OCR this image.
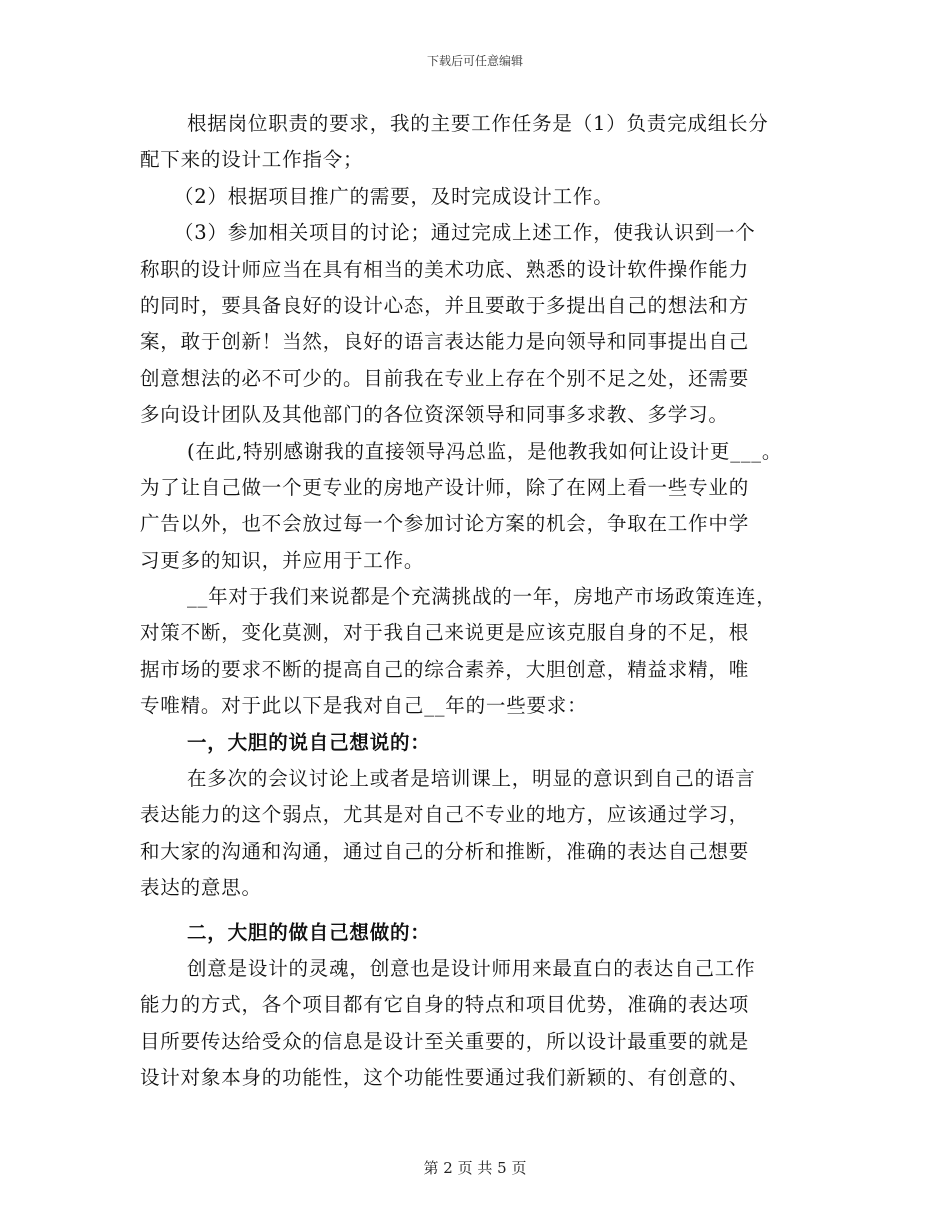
下载后可任意编辑
根据岗位职责的要求，我的主要工作任务是（1）负责完成组长分
配下来的设计工作指令；
（2）根据项目推广的需要，及时完成设计工作。
（3）参加相关项目的讨论；通过完成上述工作，使我认识到一个
称职的设计师应当在具有相当的美术功底、熟悉的设计软件操作能力
的同时，要具备良好的设计心态，并且要敢于多提出自己的想法和方
案，敢于创新！当然，良好的语言表达能力是向领导和同事提出自己
创意想法的必不可少的。目前我在专业上存在个别不足之处，还需要
多向设计团队及其他部门的各位资深领导和同事多求教、多学习。
(在此,特别感谢我的直接领导冯总监，是他教我如何让设计更___。
为了让自己做一个更专业的房地产设计师，除了在网上看一些专业的
广告以外，也不会放过每一个参加讨论方案的机会，争取在工作中学
习更多的知识，并应用于工作。
__年对于我们来说都是个充满挑战的一年，房地产市场政策连连，
对策不断，变化莫测，对于我自己来说更是应该克服自身的不足，根
据市场的要求不断的提高自己的综合素养，大胆创意，精益求精，唯
专唯精。对于此以下是我对自己__年的一些要求：
一，大胆的说自己想说的：
在多次的会议讨论上或者是培训课上，明显的意识到自己的语言
表达能力的这个弱点，尤其是对自己不专业的地方，应该通过学习，
和大家的沟通和沟通，通过自己的分析和推断，准确的表达自己想要
表达的意思。
二，大胆的做自己想做的：
创意是设计的灵魂，创意也是设计师用来最直白的表达自己工作
能力的方式，各个项目都有它自身的特点和项目优势，准确的表达项
目所要传达给受众的信息是设计至关重要的，所以设计最重要的就是
设计对象本身的功能性，这个功能性要通过我们新颖的、有创意的、
第 2 页 共 5 页
